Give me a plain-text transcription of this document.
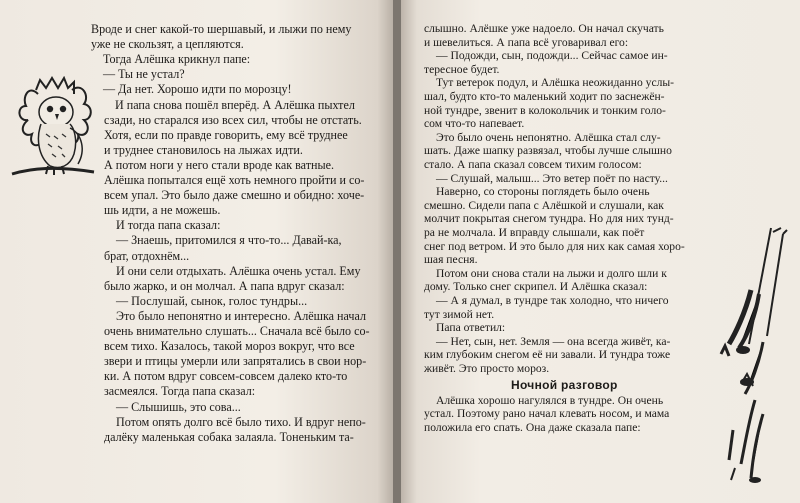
Вроде и снег какой-то шершавый, и лыжи по нему
уже не скользят, а цепляются.
Тогда Алёшка крикнул папе:
— Ты не устал?
— Да нет. Хорошо идти по морозцу!
И папа снова пошёл вперёд. А Алёшка пыхтел
сзади, но старался изо всех сил, чтобы не отстать.
Хотя, если по правде говорить, ему всё труднее
и труднее становилось на лыжах идти.
А потом ноги у него стали вроде как ватные.
Алёшка попытался ещё хоть немного пройти и со-
всем упал. Это было даже смешно и обидно: хоче-
шь идти, а не можешь.
И тогда папа сказал:
— Знаешь, притомился я что-то... Давай-ка,
брат, отдохнём...
И они сели отдыхать. Алёшка очень устал. Ему
было жарко, и он молчал. А папа вдруг сказал:
— Послушай, сынок, голос тундры...
Это было непонятно и интересно. Алёшка начал
очень внимательно слушать... Сначала всё было со-
всем тихо. Казалось, такой мороз вокруг, что все
звери и птицы умерли или запрятались в свои нор-
ки. А потом вдруг совсем-совсем далеко кто-то
засмеялся. Тогда папа сказал:
— Слышишь, это сова...
Потом опять долго всё было тихо. И вдруг непо-
далёку маленькая собака залаяла. Тоненьким та-
слышно. Алёшке уже надоело. Он начал скучать
и шевелиться. А папа всё уговаривал его:
— Подожди, сын, подожди... Сейчас самое ин-
тересное будет.
Тут ветерок подул, и Алёшка неожиданно услы-
шал, будто кто-то маленький ходит по заснежён-
ной тундре, звенит в колокольчик и тонким голо-
сом что-то напевает.
Это было очень непонятно. Алёшка стал слу-
шать. Даже шапку развязал, чтобы лучше слышно
стало. А папа сказал совсем тихим голосом:
— Слушай, малыш... Это ветер поёт по насту...
Наверно, со стороны поглядеть было очень
смешно. Сидели папа с Алёшкой и слушали, как
молчит покрытая снегом тундра. Но для них тунд-
ра не молчала. И вправду слышали, как поёт
снег под ветром. И это было для них как самая хоро-
шая песня.
Потом они снова стали на лыжи и долго шли к
дому. Только снег скрипел. И Алёшка сказал:
— А я думал, в тундре так холодно, что ничего
тут зимой нет.
Папа ответил:
— Нет, сын, нет. Земля — она всегда живёт, ка-
ким глубоким снегом её ни завали. И тундра тоже
живёт. Это просто мороз.
Ночной разговор
Алёшка хорошо нагулялся в тундре. Он очень
устал. Поэтому рано начал клевать носом, и мама
положила его спать. Она даже сказала папе:
